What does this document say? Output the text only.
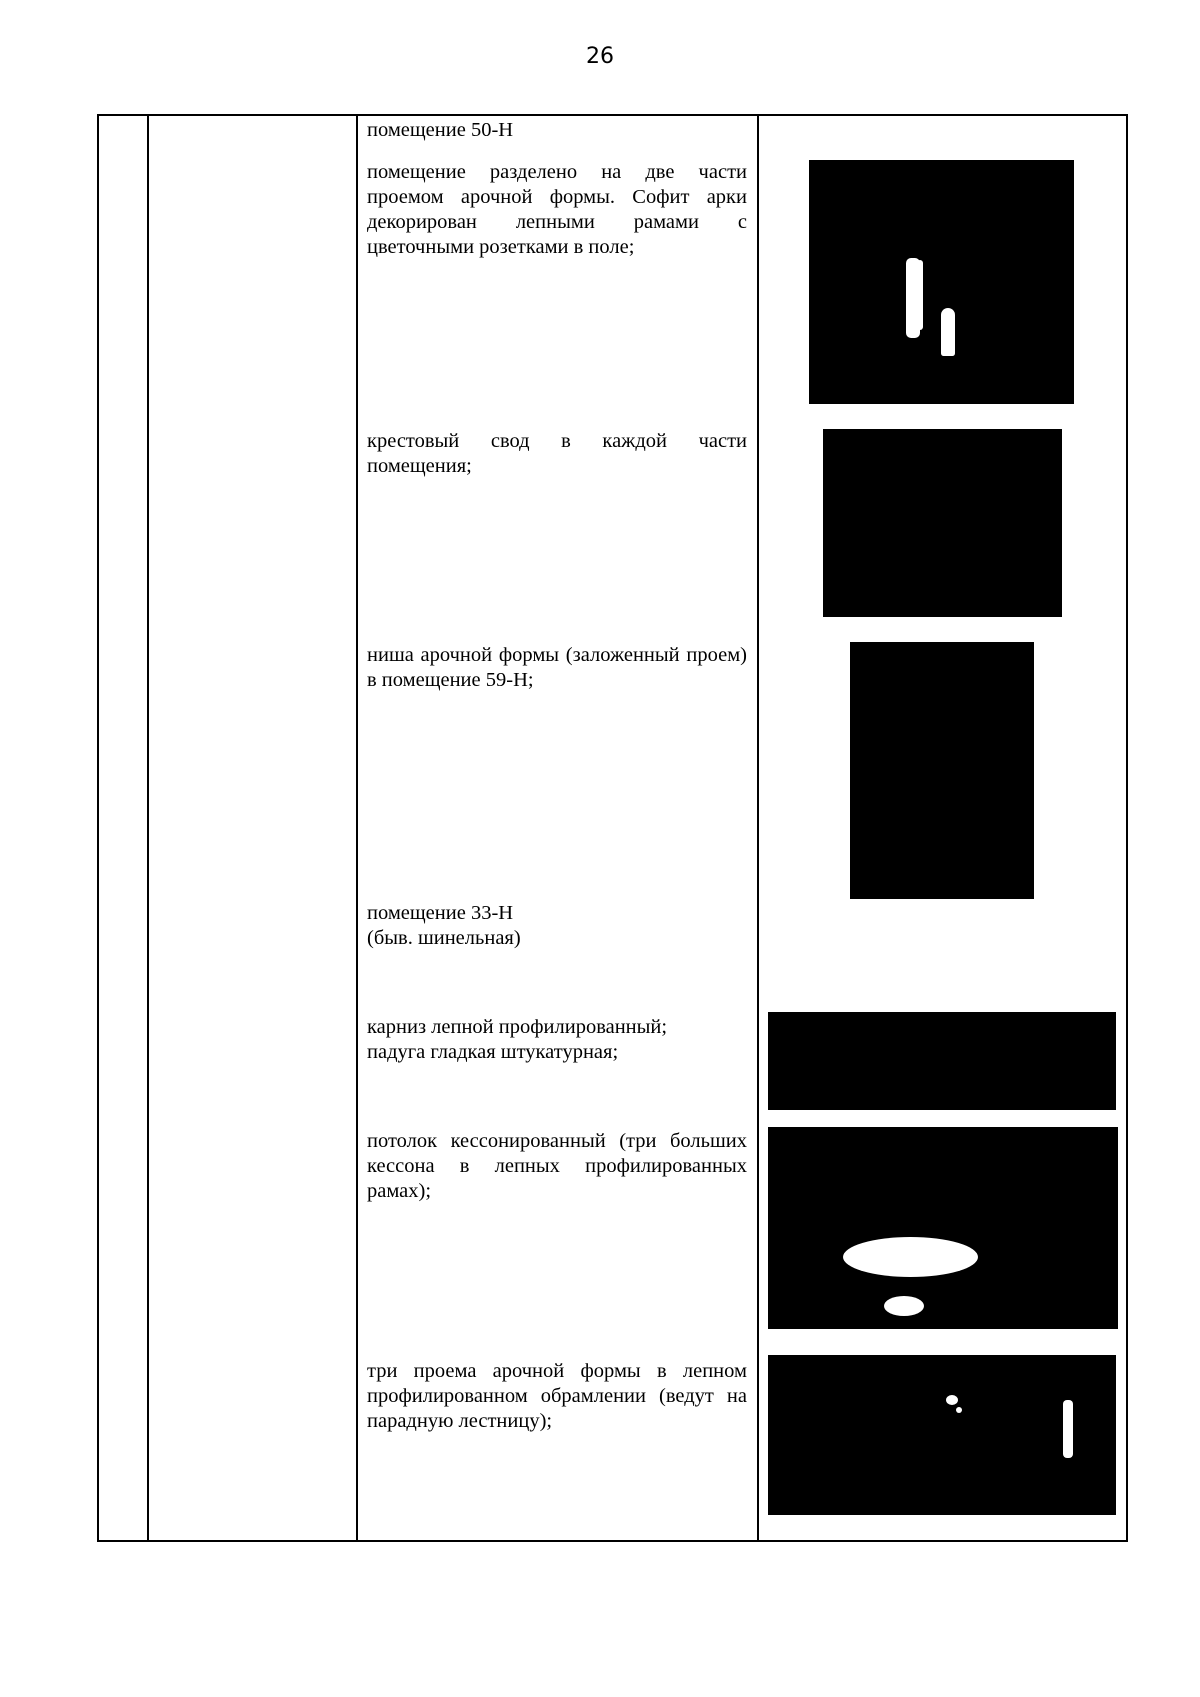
26
помещение 50-Н
помещение разделено на две части проемом арочной формы. Софит арки декорирован лепными рамами с цветочными розетками в поле;
крестовый свод в каждой части помещения;
ниша арочной формы (заложенный проем) в помещение 59-Н;
помещение 33-Н
(быв. шинельная)
карниз лепной профилированный;
падуга гладкая штукатурная;
потолок кессонированный (три больших кессона в лепных профилированных рамах);
три проема арочной формы в лепном профилированном обрамлении (ведут на парадную лестницу);
